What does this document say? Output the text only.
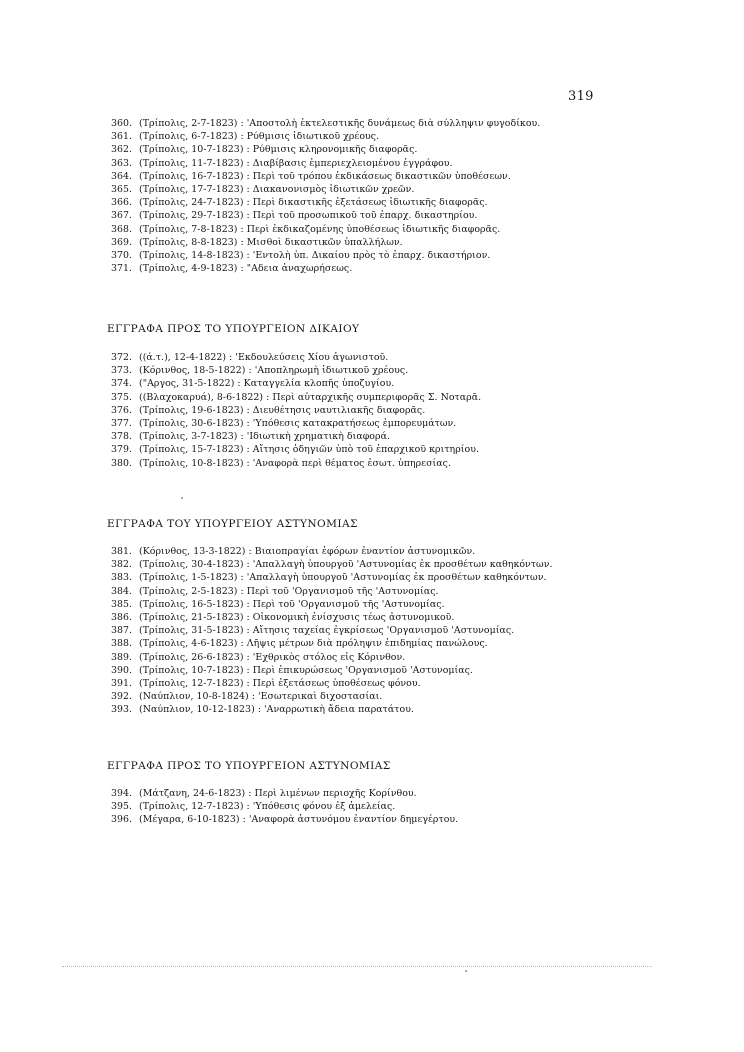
319
360. (Τρίπολις, 2-7-1823) : 'Αποστολὴ ἐκτελεστικῆς δυνάμεως διὰ σύλληψιν φυγοδίκου.
361. (Τρίπολις, 6-7-1823) : Ρύθμισις ἰδιωτικοῦ χρέους.
362. (Τρίπολις, 10-7-1823) : Ρύθμισις κληρονομικῆς διαφορᾶς.
363. (Τρίπολις, 11-7-1823) : Διαβίβασις ἐμπεριεχλειομένου ἐγγράφου.
364. (Τρίπολις, 16-7-1823) : Περὶ τοῦ τρόπου ἐκδικάσεως δικαστικῶν ὑποθέσεων.
365. (Τρίπολις, 17-7-1823) : Διακανονισμὸς ἰδιωτικῶν χρεῶν.
366. (Τρίπολις, 24-7-1823) : Περὶ δικαστικῆς ἐξετάσεως ἰδιωτικῆς διαφορᾶς.
367. (Τρίπολις, 29-7-1823) : Περὶ τοῦ προσωπικοῦ τοῦ ἐπαρχ. δικαστηρίου.
368. (Τρίπολις, 7-8-1823) : Περὶ ἐκδικαζομένης ὑποθέσεως ἰδιωτικῆς διαφορᾶς.
369. (Τρίπολις, 8-8-1823) : Μισθοὶ δικαστικῶν ὑπαλλήλων.
370. (Τρίπολις, 14-8-1823) : 'Εντολὴ ὑπ. Δικαίου πρὸς τὸ ἐπαρχ. δικαστήριον.
371. (Τρίπολις, 4-9-1823) : "Αδεια ἀναχωρήσεως.
ΕΓΓΡΑΦΑ ΠΡΟΣ ΤΟ ΥΠΟΥΡΓΕΙΟΝ ΔΙΚΑΙΟΥ
372. ((ά.τ.), 12-4-1822) : 'Εκδουλεύσεις Χίου ἀγωνιστοῦ.
373. (Κόρινθος, 18-5-1822) : 'Αποπληρωμὴ ἰδιωτικοῦ χρέους.
374. ("Αργος, 31-5-1822) : Καταγγελία κλοπῆς ὑποζυγίου.
375. ((Βλαχοκαρυά), 8-6-1822) : Περὶ αὐταρχικῆς συμπεριφορᾶς Σ. Νοταρᾶ.
376. (Τρίπολις, 19-6-1823) : Διευθέτησις ναυτιλιακῆς διαφορᾶς.
377. (Τρίπολις, 30-6-1823) : 'Υπόθεσις κατακρατήσεως ἐμπορευμάτων.
378. (Τρίπολις, 3-7-1823) : 'Ιδιωτικὴ χρηματικὴ διαφορά.
379. (Τρίπολις, 15-7-1823) : Αἴτησις ὁδηγιῶν ὑπὸ τοῦ ἐπαρχικοῦ κριτηρίου.
380. (Τρίπολις, 10-8-1823) : 'Αναφορὰ περὶ θέματος ἐσωτ. ὑπηρεσίας.
ΕΓΓΡΑΦΑ ΤΟΥ ΥΠΟΥΡΓΕΙΟΥ ΑΣΤΥΝΟΜΙΑΣ
381. (Κόρινθος, 13-3-1822) : Βιαιοπραγίαι ἐφόρων ἐναντίον ἀστυνομικῶν.
382. (Τρίπολις, 30-4-1823) : 'Απαλλαγὴ ὑπουργοῦ 'Αστυνομίας ἐκ προσθέτων καθηκόντων.
383. (Τρίπολις, 1-5-1823) : 'Απαλλαγὴ ὑπουργοῦ 'Αστυνομίας ἐκ προσθέτων καθηκόντων.
384. (Τρίπολις, 2-5-1823) : Περὶ τοῦ 'Οργανισμοῦ τῆς 'Αστυνομίας.
385. (Τρίπολις, 16-5-1823) : Περὶ τοῦ 'Οργανισμοῦ τῆς 'Αστυνομίας.
386. (Τρίπολις, 21-5-1823) : Οἰκονομικὴ ἐνίσχυσις τέως ἀστυνομικοῦ.
387. (Τρίπολις, 31-5-1823) : Αἴτησις ταχείας ἐγκρίσεως 'Οργανισμοῦ 'Αστυνομίας.
388. (Τρίπολις, 4-6-1823) : Λῆψις μέτρων διὰ πρόληψιν ἐπιδημίας πανώλους.
389. (Τρίπολις, 26-6-1823) : 'Εχθρικὸς στόλος εἰς Κόρινθον.
390. (Τρίπολις, 10-7-1823) : Περὶ ἐπικυρώσεως 'Οργανισμοῦ 'Αστυνομίας.
391. (Τρίπολις, 12-7-1823) : Περὶ ἐξετάσεως ὑποθέσεως φόνου.
392. (Ναύπλιον, 10-8-1824) : 'Εσωτερικαὶ διχοστασίαι.
393. (Ναύπλιον, 10-12-1823) : 'Αναρρωτικὴ ἄδεια παρατάτου.
ΕΓΓΡΑΦΑ ΠΡΟΣ ΤΟ ΥΠΟΥΡΓΕΙΟΝ ΑΣΤΥΝΟΜΙΑΣ
394. (Μάτζανη, 24-6-1823) : Περὶ λιμένων περιοχῆς Κορίνθου.
395. (Τρίπολις, 12-7-1823) : 'Υπόθεσις φόνου ἐξ ἀμελείας.
396. (Μέγαρα, 6-10-1823) : 'Αναφορὰ ἀστυνόμου ἐναντίον δημεγέρτου.
